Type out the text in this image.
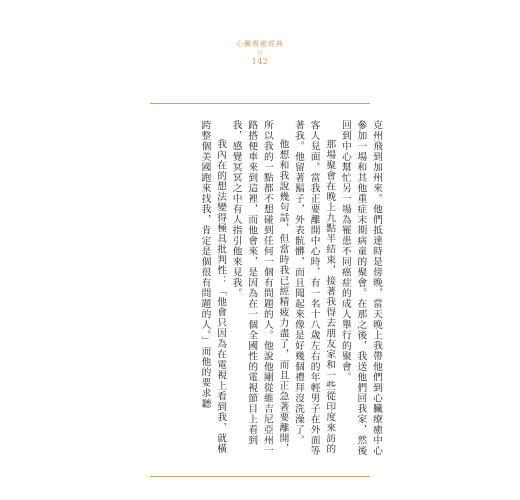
心臟療癒經典
◇
142

克州飛到加州來。他們抵達時是傍晚，當天晚上我帶他們到心臟療癒中心參加一場和其他重症末期病童的聚會。在那之後，我送他們回我家，然後回到中心幫忙另一場為罹患不同癌症的成人舉行的聚會。

那場聚會在晚上九點半結束，接著我得去朋友家和一些從印度來訪的客人見面。當我正要離開中心時，有一名十八歲左右的年輕男子在外面等著我。他留著鬍子，外表骯髒，而且聞起來像是好幾個禮拜沒洗澡了。

他想和我說幾句話，但當時我已經精疲力盡了，而且正急著要離開，所以我的一點都不想碰到任何一個有問題的人。他說他剛從維吉尼亞州一路搭便車來到這裡，而他會來，是因為在一個全國性的電視節目上看到我，感覺冥冥之中有人指引他來見我。

我內在的想法變得極具批判性：「他會只因為在電視上看到我，就橫跨整個美國跑來找我，肯定是個很有問題的人。」而他的要求聽
